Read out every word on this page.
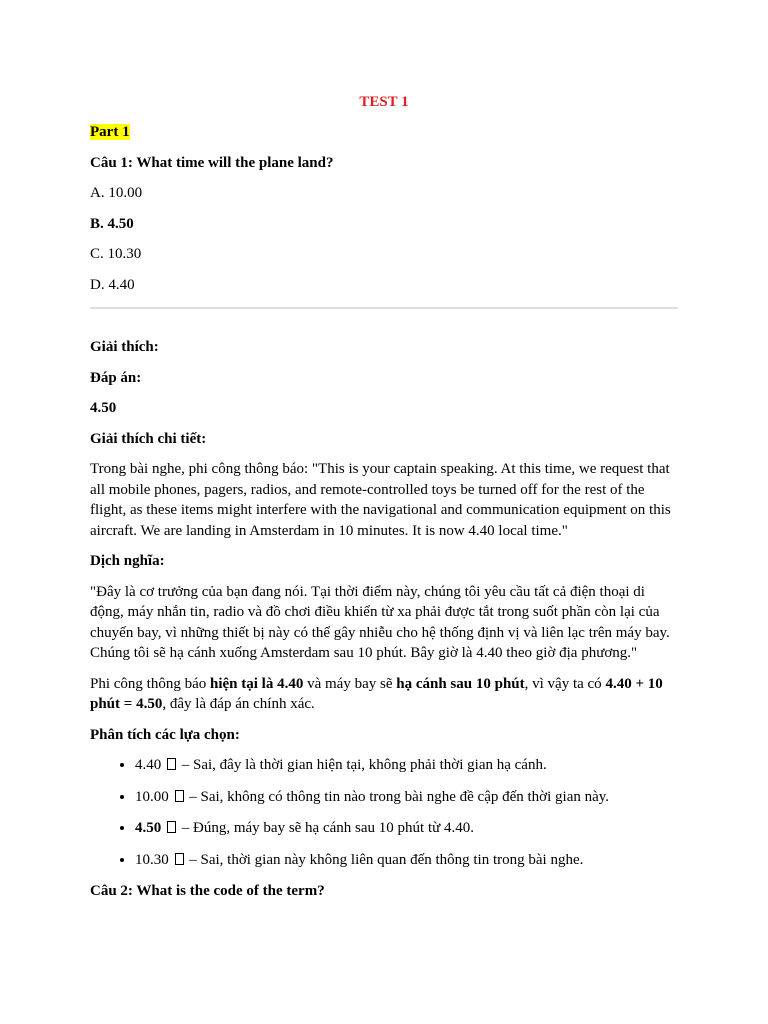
TEST 1
Part 1

Câu 1: What time will the plane land?

A. 10.00

B. 4.50

C. 10.30

D. 4.40

Giải thích:

Đáp án:

4.50

Giải thích chi tiết:

Trong bài nghe, phi công thông báo: "This is your captain speaking. At this time, we request that all mobile phones, pagers, radios, and remote-controlled toys be turned off for the rest of the flight, as these items might interfere with the navigational and communication equipment on this aircraft. We are landing in Amsterdam in 10 minutes. It is now 4.40 local time."

Dịch nghĩa:

"Đây là cơ trưởng của bạn đang nói. Tại thời điểm này, chúng tôi yêu cầu tất cả điện thoại di động, máy nhắn tin, radio và đồ chơi điều khiển từ xa phải được tắt trong suốt phần còn lại của chuyến bay, vì những thiết bị này có thể gây nhiễu cho hệ thống định vị và liên lạc trên máy bay. Chúng tôi sẽ hạ cánh xuống Amsterdam sau 10 phút. Bây giờ là 4.40 theo giờ địa phương."

Phi công thông báo hiện tại là 4.40 và máy bay sẽ hạ cánh sau 10 phút, vì vậy ta có 4.40 + 10 phút = 4.50, đây là đáp án chính xác.

Phân tích các lựa chọn:

• 4.40  – Sai, đây là thời gian hiện tại, không phải thời gian hạ cánh.
• 10.00  – Sai, không có thông tin nào trong bài nghe đề cập đến thời gian này.
• 4.50  – Đúng, máy bay sẽ hạ cánh sau 10 phút từ 4.40.
• 10.30  – Sai, thời gian này không liên quan đến thông tin trong bài nghe.

Câu 2: What is the code of the term?
